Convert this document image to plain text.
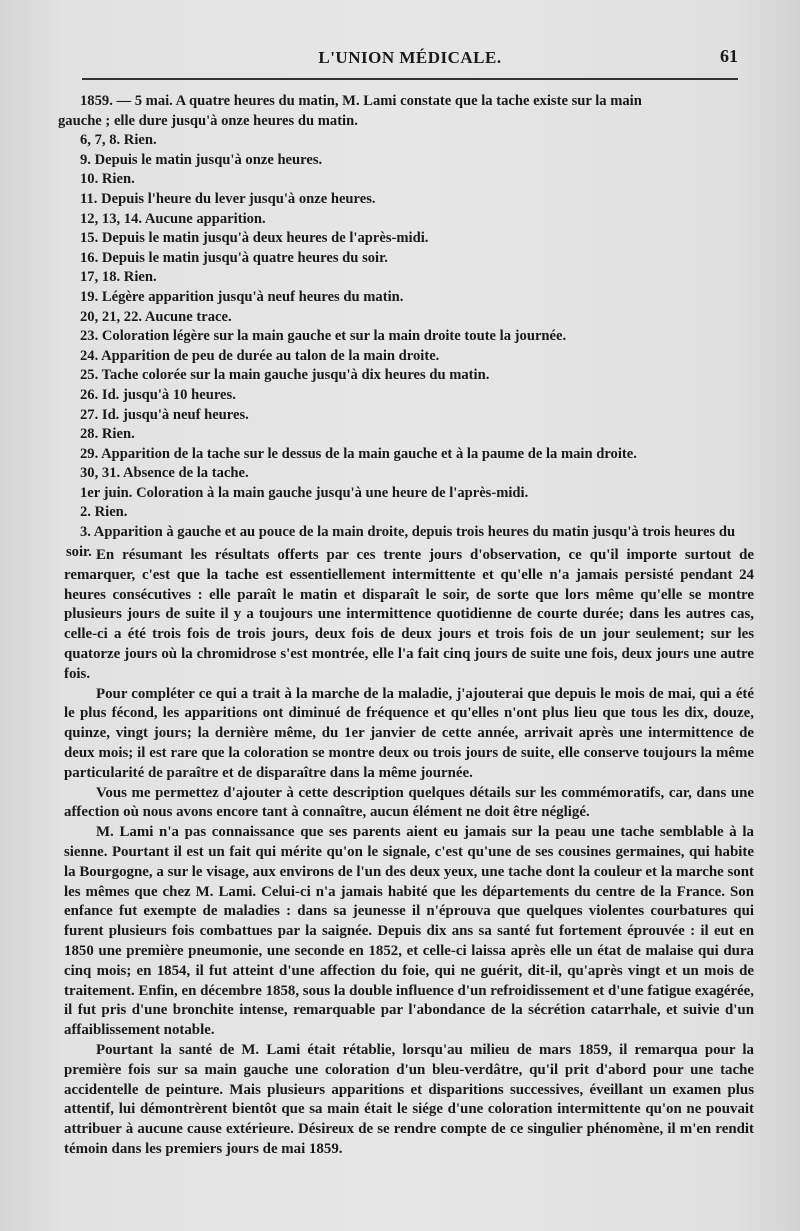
L'UNION MÉDICALE.	61
1859. — 5 mai. A quatre heures du matin, M. Lami constate que la tache existe sur la main
gauche ; elle dure jusqu'à onze heures du matin.
6, 7, 8. Rien.
9. Depuis le matin jusqu'à onze heures.
10. Rien.
11. Depuis l'heure du lever jusqu'à onze heures.
12, 13, 14. Aucune apparition.
15. Depuis le matin jusqu'à deux heures de l'après-midi.
16. Depuis le matin jusqu'à quatre heures du soir.
17, 18. Rien.
19. Légère apparition jusqu'à neuf heures du matin.
20, 21, 22. Aucune trace.
23. Coloration légère sur la main gauche et sur la main droite toute la journée.
24. Apparition de peu de durée au talon de la main droite.
25. Tache colorée sur la main gauche jusqu'à dix heures du matin.
26. Id. jusqu'à 10 heures.
27. Id. jusqu'à neuf heures.
28. Rien.
29. Apparition de la tache sur le dessus de la main gauche et à la paume de la main droite.
30, 31. Absence de la tache.
1er juin. Coloration à la main gauche jusqu'à une heure de l'après-midi.
2. Rien.
3. Apparition à gauche et au pouce de la main droite, depuis trois heures du matin jusqu'à trois heures du soir. En résumant les résultats offerts par ces trente jours d'observation, ce qu'il importe surtout de remarquer, c'est que la tache est essentiellement intermittente et qu'elle n'a jamais persisté pendant 24 heures consécutives : elle paraît le matin et disparaît le soir, de sorte que lors même qu'elle se montre plusieurs jours de suite il y a toujours une intermittence quotidienne de courte durée; dans les autres cas, celle-ci a été trois fois de trois jours, deux fois de deux jours et trois fois de un jour seulement; sur les quatorze jours où la chromidrose s'est montrée, elle l'a fait cinq jours de suite une fois, deux jours une autre fois.

Pour compléter ce qui a trait à la marche de la maladie, j'ajouterai que depuis le mois de mai, qui a été le plus fécond, les apparitions ont diminué de fréquence et qu'elles n'ont plus lieu que tous les dix, douze, quinze, vingt jours; la dernière même, du 1er janvier de cette année, arrivait après une intermittence de deux mois; il est rare que la coloration se montre deux ou trois jours de suite, elle conserve toujours la même particularité de paraître et de disparaître dans la même journée.

Vous me permettez d'ajouter à cette description quelques détails sur les commémoratifs, car, dans une affection où nous avons encore tant à connaître, aucun élément ne doit être négligé.

M. Lami n'a pas connaissance que ses parents aient eu jamais sur la peau une tache semblable à la sienne. Pourtant il est un fait qui mérite qu'on le signale, c'est qu'une de ses cousines germaines, qui habite la Bourgogne, a sur le visage, aux environs de l'un des deux yeux, une tache dont la couleur et la marche sont les mêmes que chez M. Lami. Celui-ci n'a jamais habité que les départements du centre de la France. Son enfance fut exempte de maladies : dans sa jeunesse il n'éprouva que quelques violentes courbatures qui furent plusieurs fois combattues par la saignée. Depuis dix ans sa santé fut fortement éprouvée : il eut en 1850 une première pneumonie, une seconde en 1852, et celle-ci laissa après elle un état de malaise qui dura cinq mois; en 1854, il fut atteint d'une affection du foie, qui ne guérit, dit-il, qu'après vingt et un mois de traitement. Enfin, en décembre 1858, sous la double influence d'un refroidissement et d'une fatigue exagérée, il fut pris d'une bronchite intense, remarquable par l'abondance de la sécrétion catarrhale, et suivie d'un affaiblissement notable.

Pourtant la santé de M. Lami était rétablie, lorsqu'au milieu de mars 1859, il remarqua pour la première fois sur sa main gauche une coloration d'un bleu-verdâtre, qu'il prit d'abord pour une tache accidentelle de peinture. Mais plusieurs apparitions et disparitions successives, éveillant un examen plus attentif, lui démontrèrent bientôt que sa main était le siége d'une coloration intermittente qu'on ne pouvait attribuer à aucune cause extérieure. Désireux de se rendre compte de ce singulier phénomène, il m'en rendit témoin dans les premiers jours de mai 1859.
